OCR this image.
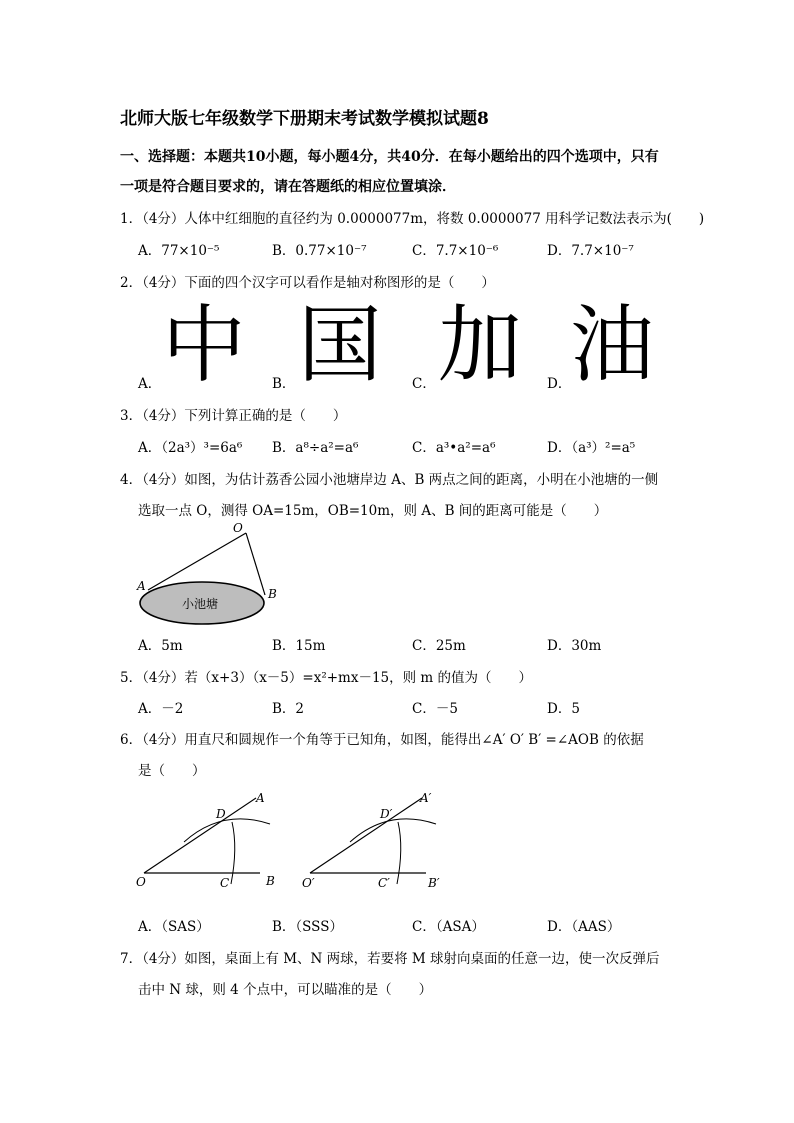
北师大版七年级数学下册期末考试数学模拟试题8
一、选择题：本题共10小题，每小题4分，共40分．在每小题给出的四个选项中，只有
一项是符合题目要求的，请在答题纸的相应位置填涂．
1．（4分）人体中红细胞的直径约为 0.0000077m，将数 0.0000077 用科学记数法表示为(　　)
A．77×10⁻⁵	B．0.77×10⁻⁷	C．7.7×10⁻⁶	D．7.7×10⁻⁷
2．（4分）下面的四个汉字可以看作是轴对称图形的是（　　）
A． 中 B． 国 C． 加 D．
油
3．（4分）下列计算正确的是（　　）
A．（2a³）³=6a⁶ B．a⁸÷a²=a⁶	C．a³•a²=a⁶	D．（a³）²=a⁵
4．（4分）如图，为估计荔香公园小池塘岸边 A、B 两点之间的距离，小明在小池塘的一侧
选取一点 O，测得 OA=15m，OB=10m，则 A、B 间的距离可能是（　　）
小池塘
O
A
B
A．5m	B．15m	C．25m	D．30m
5．（4分）若（x+3）（x－5）=x²+mx－15，则 m 的值为（　　）
A．－2	B．2	C．－5	D．5
6．（4分）用直尺和圆规作一个角等于已知角，如图，能得出∠A′ O′ B′ =∠AOB 的依据
是（　　）
O
A
B
C
D
O′
A′
B′
C′
D′
A．（SAS）	B．（SSS）	C．（ASA）	D．（AAS）
7．（4分）如图，桌面上有 M、N 两球，若要将 M 球射向桌面的任意一边，使一次反弹后
击中 N 球，则 4 个点中，可以瞄准的是（　　）
